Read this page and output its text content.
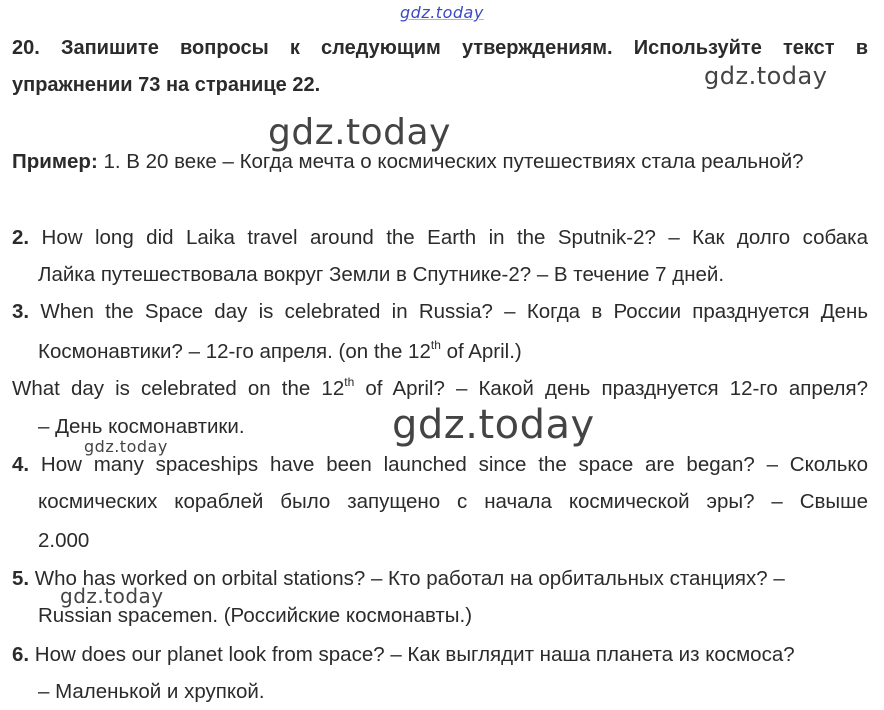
gdz.today
20. Запишите вопросы к следующим утверждениям. Используйте текст в
упражнении 73 на странице 22.	gdz.today
gdz.today
Пример: 1. В 20 веке – Когда мечта о космических путешествиях стала реальной?
2. How long did Laika travel around the Earth in the Sputnik-2? – Как долго собака
Лайка путешествовала вокруг Земли в Спутнике-2? – В течение 7 дней.
3. When the Space day is celebrated in Russia? – Когда в России празднуется День
Космонавтики? – 12-го апреля. (on the 12th of April.)
What day is celebrated on the 12th of April? – Какой день празднуется 12-го апреля?
– День космонавтики.	gdz.today
gdz.today
4. How many spaceships have been launched since the space are began? – Сколько
космических кораблей было запущено с начала космической эры? – Свыше
2.000
5. Who has worked on orbital stations? – Кто работал на орбитальных станциях? –
gdz.today
Russian spacemen. (Российские космонавты.)
6. How does our planet look from space? – Как выглядит наша планета из космоса?
– Маленькой и хрупкой.
